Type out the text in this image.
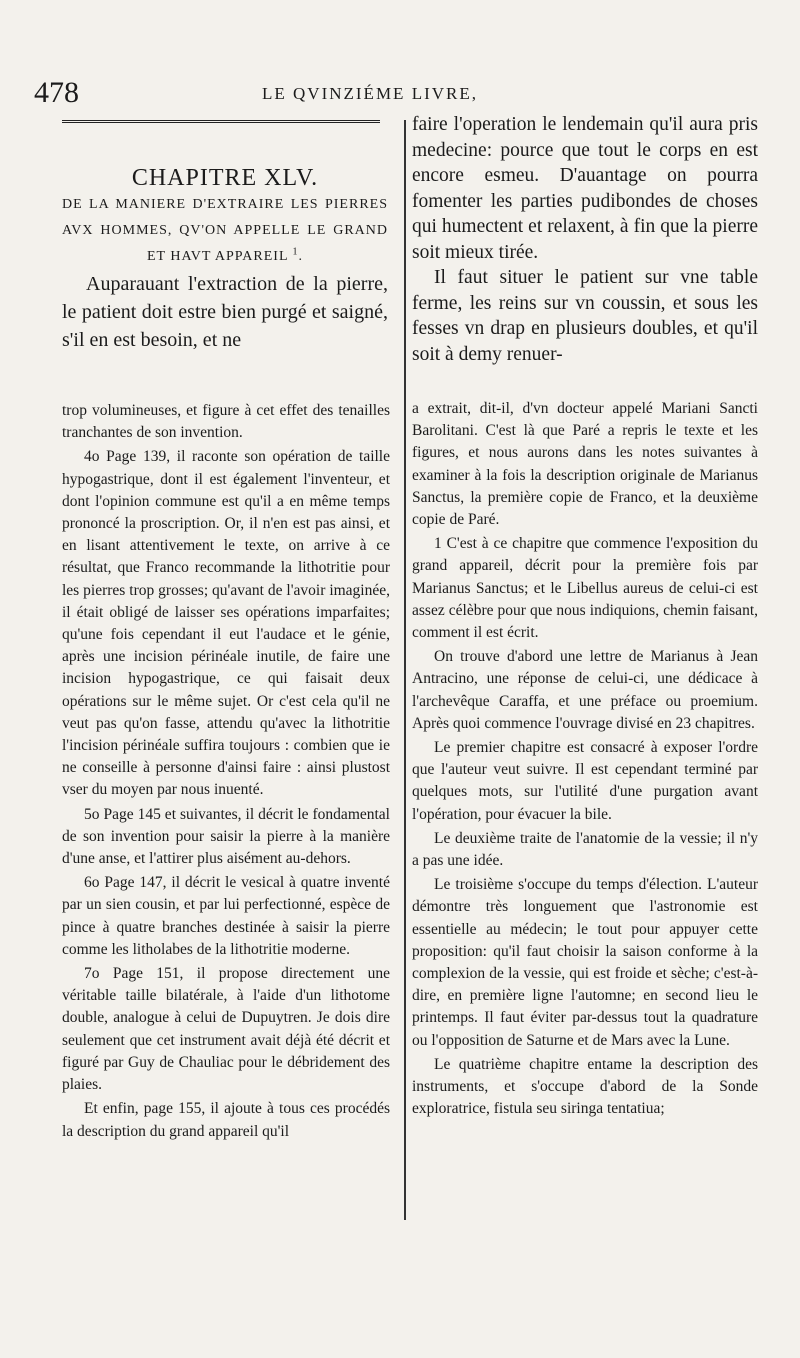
478	LE QVINZIÉME LIVRE,

CHAPITRE XLV.

DE LA MANIERE D'EXTRAIRE LES PIERRES AVX HOMMES, QV'ON APPELLE LE GRAND ET HAVT APPAREIL $^1$.

Auparauant l'extraction de la pierre, le patient doit estre bien purgé et saigné, s'il en est besoin, et ne

trop volumineuses, et figure à cet effet des tenailles tranchantes de son invention.

4o Page 139, il raconte son opération de taille hypogastrique, dont il est également l'inventeur, et dont l'opinion commune est qu'il a en même temps prononcé la proscription. Or, il n'en est pas ainsi, et en lisant attentivement le texte, on arrive à ce résultat, que Franco recommande la lithotritie pour les pierres trop grosses; qu'avant de l'avoir imaginée, il était obligé de laisser ses opérations imparfaites; qu'une fois cependant il eut l'audace et le génie, après une incision périnéale inutile, de faire une incision hypogastrique, ce qui faisait deux opérations sur le même sujet. Or c'est cela qu'il ne veut pas qu'on fasse, attendu qu'avec la lithotritie l'incision périnéale suffira toujours : combien que ie ne conseille à personne d'ainsi faire : ainsi plustost vser du moyen par nous inuenté.

5o Page 145 et suivantes, il décrit le fondamental de son invention pour saisir la pierre à la manière d'une anse, et l'attirer plus aisément au-dehors.

6o Page 147, il décrit le vesical à quatre inventé par un sien cousin, et par lui perfectionné, espèce de pince à quatre branches destinée à saisir la pierre comme les litholabes de la lithotritie moderne.

7o Page 151, il propose directement une véritable taille bilatérale, à l'aide d'un lithotome double, analogue à celui de Dupuytren. Je dois dire seulement que cet instrument avait déjà été décrit et figuré par Guy de Chauliac pour le débridement des plaies.

Et enfin, page 155, il ajoute à tous ces procédés la description du grand appareil qu'il

faire l'operation le lendemain qu'il aura pris medecine: pource que tout le corps en est encore esmeu. D'auantage on pourra fomenter les parties pudibondes de choses qui humectent et relaxent, à fin que la pierre soit mieux tirée.

Il faut situer le patient sur vne table ferme, les reins sur vn coussin, et sous les fesses vn drap en plusieurs doubles, et qu'il soit à demy renuer-

a extrait, dit-il, d'vn docteur appelé Mariani Sancti Barolitani. C'est là que Paré a repris le texte et les figures, et nous aurons dans les notes suivantes à examiner à la fois la description originale de Marianus Sanctus, la première copie de Franco, et la deuxième copie de Paré.

1 C'est à ce chapitre que commence l'exposition du grand appareil, décrit pour la première fois par Marianus Sanctus; et le Libellus aureus de celui-ci est assez célèbre pour que nous indiquions, chemin faisant, comment il est écrit.

On trouve d'abord une lettre de Marianus à Jean Antracino, une réponse de celui-ci, une dédicace à l'archevêque Caraffa, et une préface ou proemium. Après quoi commence l'ouvrage divisé en 23 chapitres.

Le premier chapitre est consacré à exposer l'ordre que l'auteur veut suivre. Il est cependant terminé par quelques mots, sur l'utilité d'une purgation avant l'opération, pour évacuer la bile.

Le deuxième traite de l'anatomie de la vessie; il n'y a pas une idée.

Le troisième s'occupe du temps d'élection. L'auteur démontre très longuement que l'astronomie est essentielle au médecin; le tout pour appuyer cette proposition: qu'il faut choisir la saison conforme à la complexion de la vessie, qui est froide et sèche; c'est-à-dire, en première ligne l'automne; en second lieu le printemps. Il faut éviter par-dessus tout la quadrature ou l'opposition de Saturne et de Mars avec la Lune.

Le quatrième chapitre entame la description des instruments, et s'occupe d'abord de la Sonde exploratrice, fistula seu siringa tentatiua;
